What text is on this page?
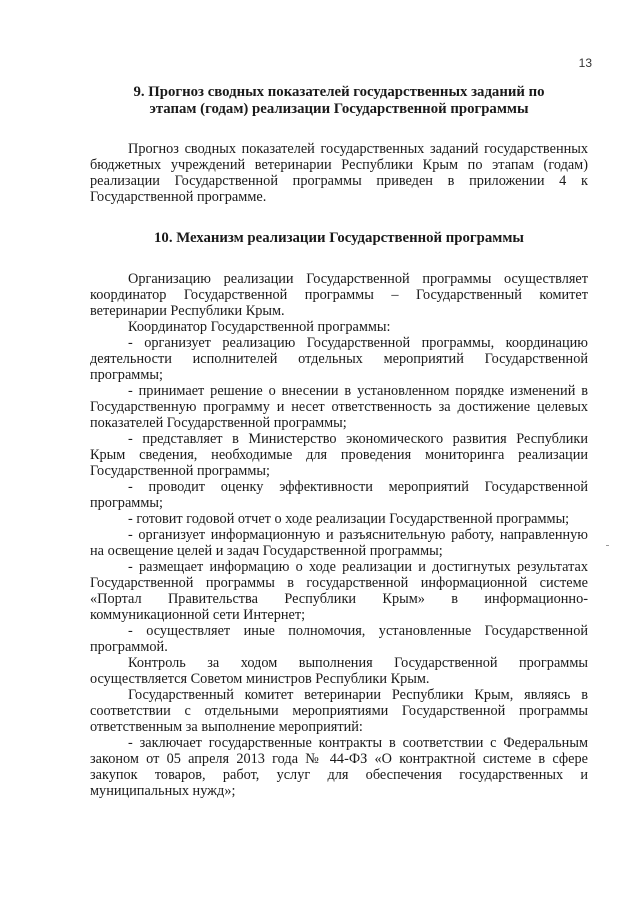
13
9. Прогноз сводных показателей государственных заданий по
этапам (годам) реализации Государственной программы

Прогноз сводных показателей государственных заданий государственных бюджетных учреждений ветеринарии Республики Крым по этапам (годам) реализации Государственной программы приведен в приложении 4 к Государственной программе.

10. Механизм реализации Государственной программы

Организацию реализации Государственной программы осуществляет координатор Государственной программы – Государственный комитет ветеринарии Республики Крым.

Координатор Государственной программы:

- организует реализацию Государственной программы, координацию деятельности исполнителей отдельных мероприятий Государственной программы;

- принимает решение о внесении в установленном порядке изменений в Государственную программу и несет ответственность за достижение целевых показателей Государственной программы;

- представляет в Министерство экономического развития Республики Крым сведения, необходимые для проведения мониторинга реализации Государственной программы;

- проводит оценку эффективности мероприятий Государственной программы;

- готовит годовой отчет о ходе реализации Государственной программы;

- организует информационную и разъяснительную работу, направленную на освещение целей и задач Государственной программы;

- размещает информацию о ходе реализации и достигнутых результатах Государственной программы в государственной информационной системе «Портал Правительства Республики Крым» в информационно-коммуникационной сети Интернет;

- осуществляет иные полномочия, установленные Государственной программой.

Контроль за ходом выполнения Государственной программы осуществляется Советом министров Республики Крым.

Государственный комитет ветеринарии Республики Крым, являясь в соответствии с отдельными мероприятиями Государственной программы ответственным за выполнение мероприятий:

- заключает государственные контракты в соответствии с Федеральным законом от 05 апреля 2013 года № 44-ФЗ «О контрактной системе в сфере закупок товаров, работ, услуг для обеспечения государственных и муниципальных нужд»;
